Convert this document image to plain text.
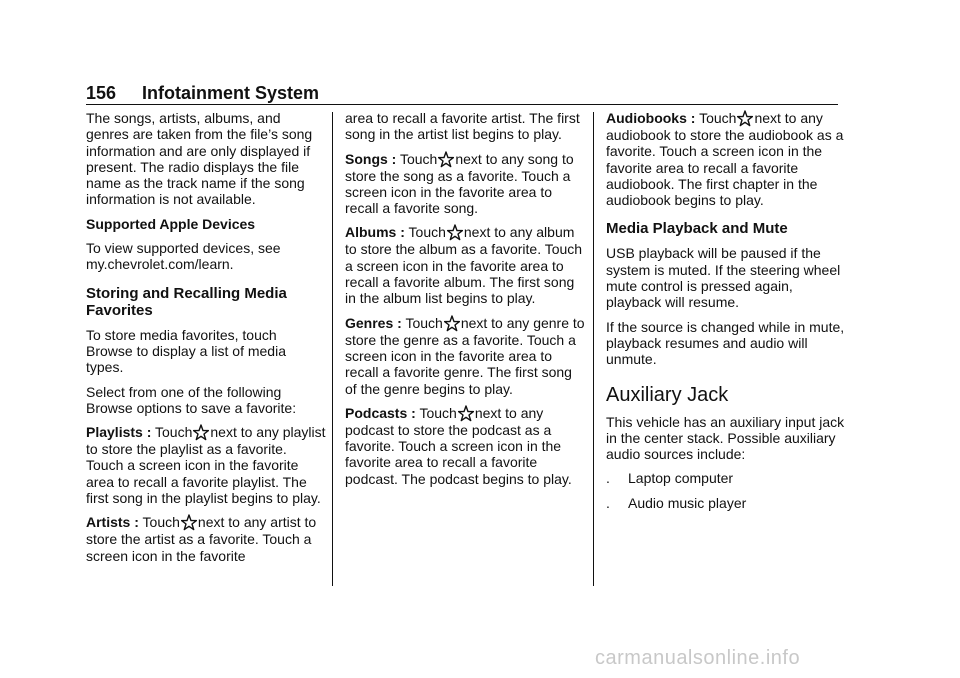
156 Infotainment System

The songs, artists, albums, and genres are taken from the file’s song information and are only displayed if present. The radio displays the file name as the track name if the song information is not available.

Supported Apple Devices

To view supported devices, see my.chevrolet.com/learn.

Storing and Recalling Media Favorites

To store media favorites, touch Browse to display a list of media types.

Select from one of the following Browse options to save a favorite:

Playlists : Touch next to any playlist to store the playlist as a favorite. Touch a screen icon in the favorite area to recall a favorite playlist. The first song in the playlist begins to play.

Artists : Touch next to any artist to store the artist as a favorite. Touch a screen icon in the favorite

area to recall a favorite artist. The first song in the artist list begins to play.

Songs : Touch next to any song to store the song as a favorite. Touch a screen icon in the favorite area to recall a favorite song.

Albums : Touch next to any album to store the album as a favorite. Touch a screen icon in the favorite area to recall a favorite album. The first song in the album list begins to play.

Genres : Touch next to any genre to store the genre as a favorite. Touch a screen icon in the favorite area to recall a favorite genre. The first song of the genre begins to play.

Podcasts : Touch next to any podcast to store the podcast as a favorite. Touch a screen icon in the favorite area to recall a favorite podcast. The podcast begins to play.

Audiobooks : Touch next to any audiobook to store the audiobook as a favorite. Touch a screen icon in the favorite area to recall a favorite audiobook. The first chapter in the audiobook begins to play.

Media Playback and Mute

USB playback will be paused if the system is muted. If the steering wheel mute control is pressed again, playback will resume.

If the source is changed while in mute, playback resumes and audio will unmute.

Auxiliary Jack

This vehicle has an auxiliary input jack in the center stack. Possible auxiliary audio sources include:

.	Laptop computer
.	Audio music player
carmanualsonline.info
